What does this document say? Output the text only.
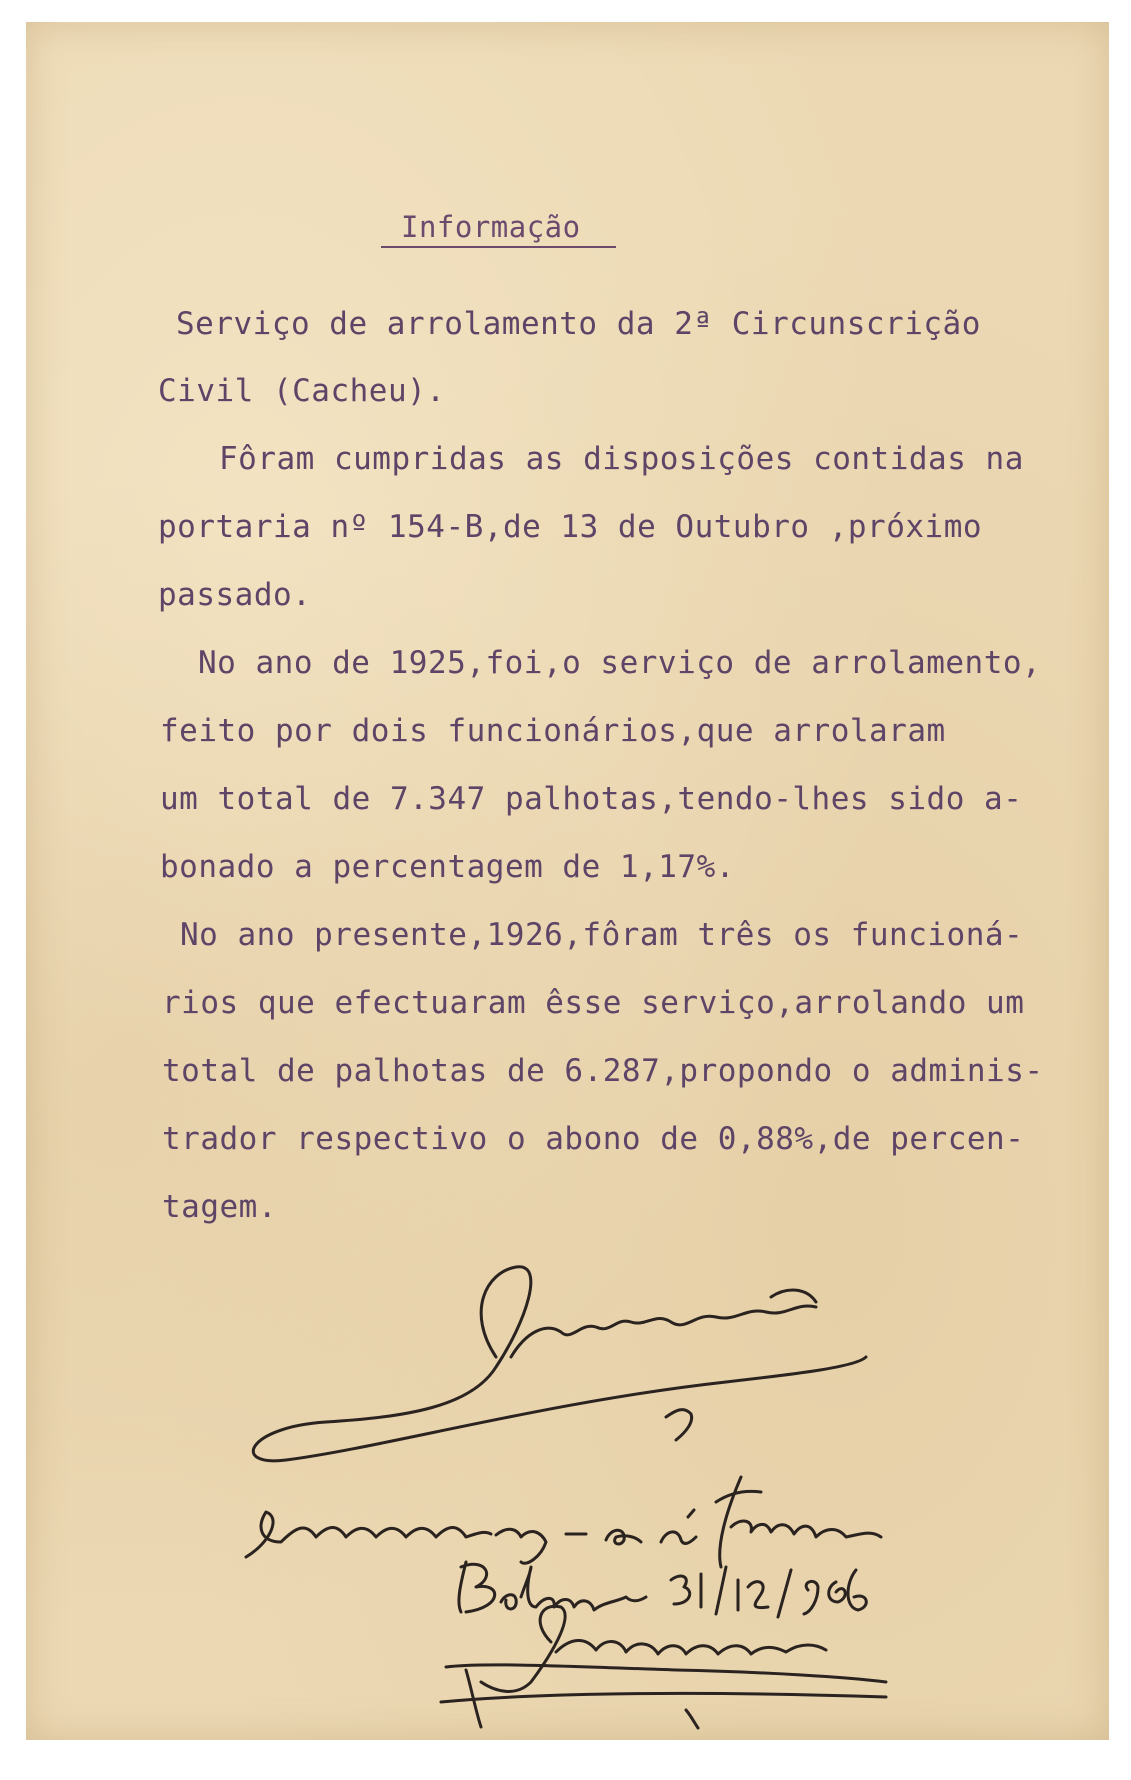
Informação
Serviço de arrolamento da 2ª Circunscrição
Civil (Cacheu).
Fôram cumpridas as disposições contidas na
portaria nº 154-B,de 13 de Outubro ,próximo
passado.
No ano de 1925,foi,o serviço de arrolamento,
feito por dois funcionários,que arrolaram
um total de 7.347 palhotas,tendo-lhes sido a-
bonado a percentagem de 1,17%.
No ano presente,1926,fôram três os funcioná-
rios que efectuaram êsse serviço,arrolando um
total de palhotas de 6.287,propondo o adminis-
trador respectivo o abono de 0,88%,de percen-
tagem.
